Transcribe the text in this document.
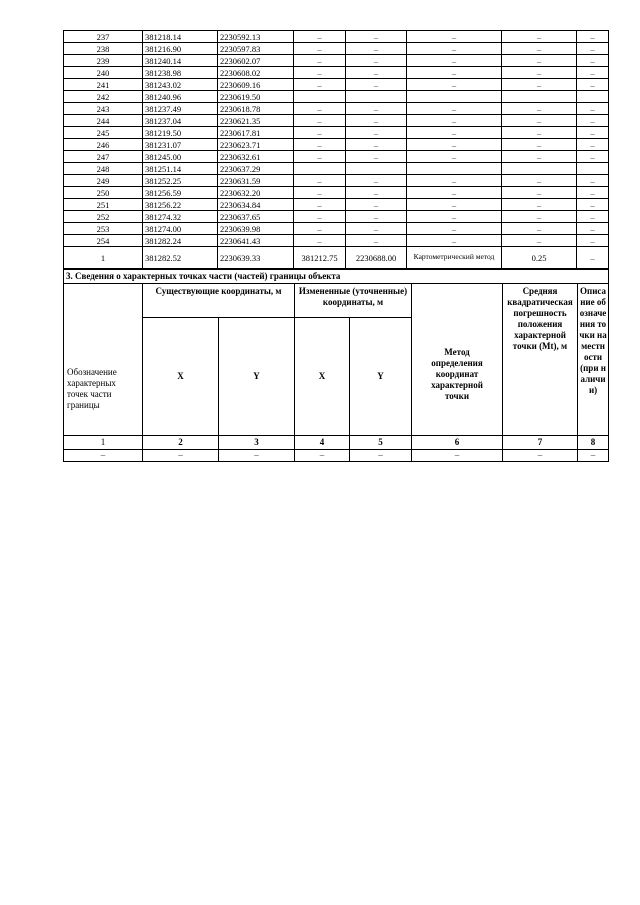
237	381218.14	2230592.13	–	–	–	–	–
238	381216.90	2230597.83	–	–	–	–	–
239	381240.14	2230602.07	–	–	–	–	–
240	381238.98	2230608.02	–	–	–	–	–
241	381243.02	2230609.16	–	–	–	–	–
242	381240.96	2230619.50					
243	381237.49	2230618.78	–	–	–	–	–
244	381237.04	2230621.35	–	–	–	–	–
245	381219.50	2230617.81	–	–	–	–	–
246	381231.07	2230623.71	–	–	–	–	–
247	381245.00	2230632.61	–	–	–	–	–
248	381251.14	2230637.29					
249	381252.25	2230631.59	–	–	–	–	–
250	381256.59	2230632.20	–	–	–	–	–
251	381256.22	2230634.84	–	–	–	–	–
252	381274.32	2230637.65	–	–	–	–	–
253	381274.00	2230639.98	–	–	–	–	–
254	381282.24	2230641.43	–	–	–	–	–
1	381282.52	2230639.33	381212.75	2230688.00	Картометрический метод	0.25	–
3. Сведения о характерных точках части (частей) границы объекта							
Обозначение характерных точек части границы	Существующие координаты, м		Измененные (уточненные) координаты, м		Метод определения координат характерной точки	Средняя квадратическая погрешность положения характерной точки (Mt), м	Описание обозначения точки на местности (при наличии)
	X	Y	X	Y			
1	2	3	4	5	6	7	8
–	–	–	–	–	–	–	–
